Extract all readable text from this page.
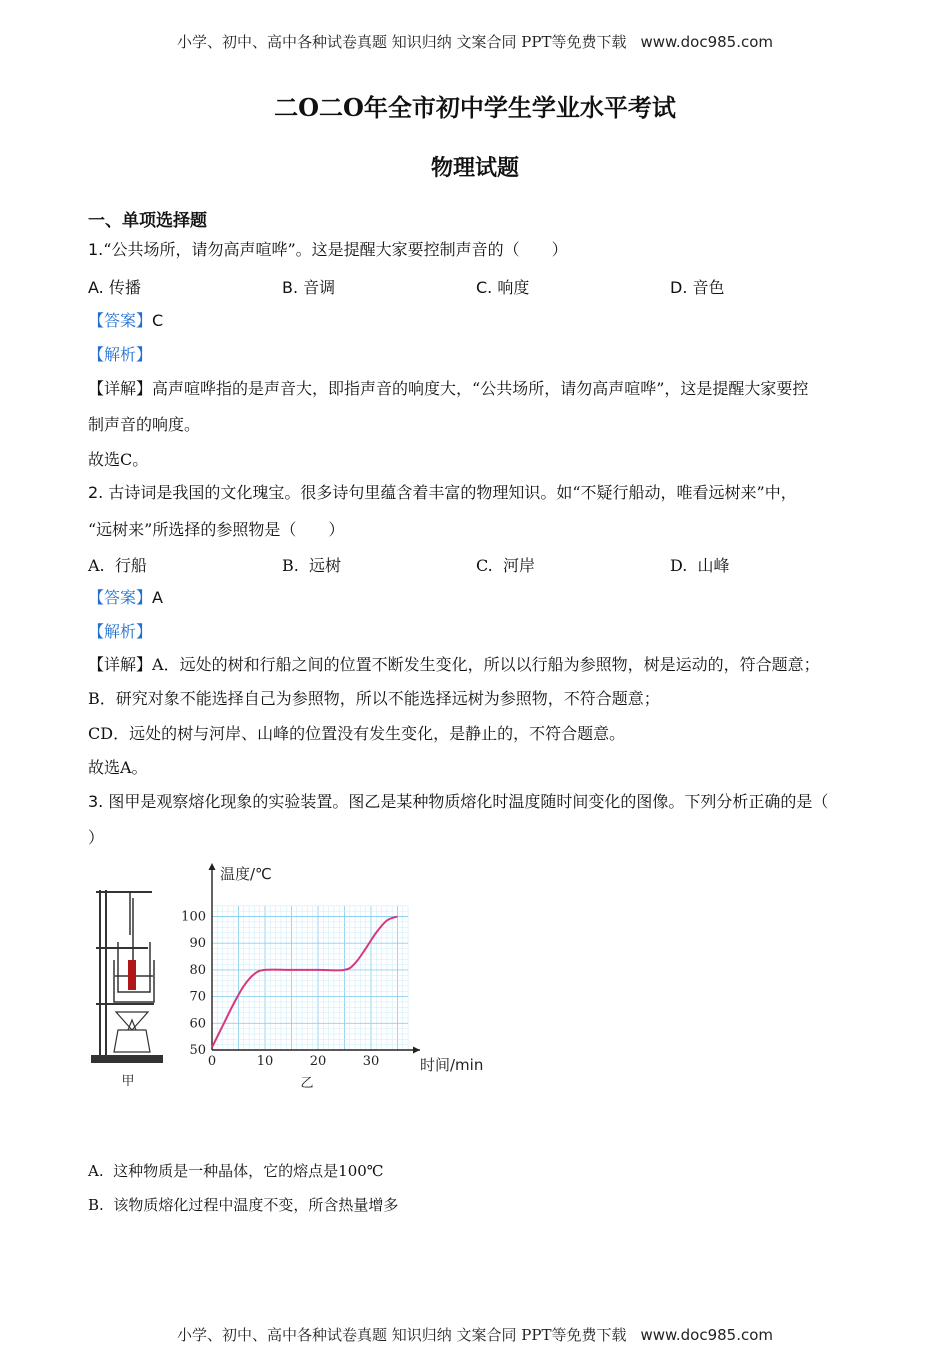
小学、初中、高中各种试卷真题 知识归纳 文案合同 PPT等免费下载 www.doc985.com
二O二O年全市初中学生学业水平考试
物理试题
一、单项选择题
1.“公共场所，请勿高声喧哗”。这是提醒大家要控制声音的（　　）
A. 传播	B. 音调	C. 响度	D. 音色
【答案】C
【解析】
【详解】高声喧哗指的是声音大，即指声音的响度大，“公共场所，请勿高声喧哗”，这是提醒大家要控
制声音的响度。
故选C。
2. 古诗词是我国的文化瑰宝。很多诗句里蕴含着丰富的物理知识。如“不疑行船动，唯看远树来”中，
“远树来”所选择的参照物是（　　）
A. 行船	B. 远树	C. 河岸	D. 山峰
【答案】A
【解析】
【详解】A．远处的树和行船之间的位置不断发生变化，所以以行船为参照物，树是运动的，符合题意；
B．研究对象不能选择自己为参照物，所以不能选择远树为参照物，不符合题意；
CD．远处的树与河岸、山峰的位置没有发生变化，是静止的，不符合题意。
故选A。
3. 图甲是观察熔化现象的实验装置。图乙是某种物质熔化时温度随时间变化的图像。下列分析正确的是（
）
甲
0	10	20	30
50
60
70
80
90
100
温度/℃
时间/min
乙
A. 这种物质是一种晶体，它的熔点是100℃
B. 该物质熔化过程中温度不变，所含热量增多
小学、初中、高中各种试卷真题 知识归纳 文案合同 PPT等免费下载 www.doc985.com
